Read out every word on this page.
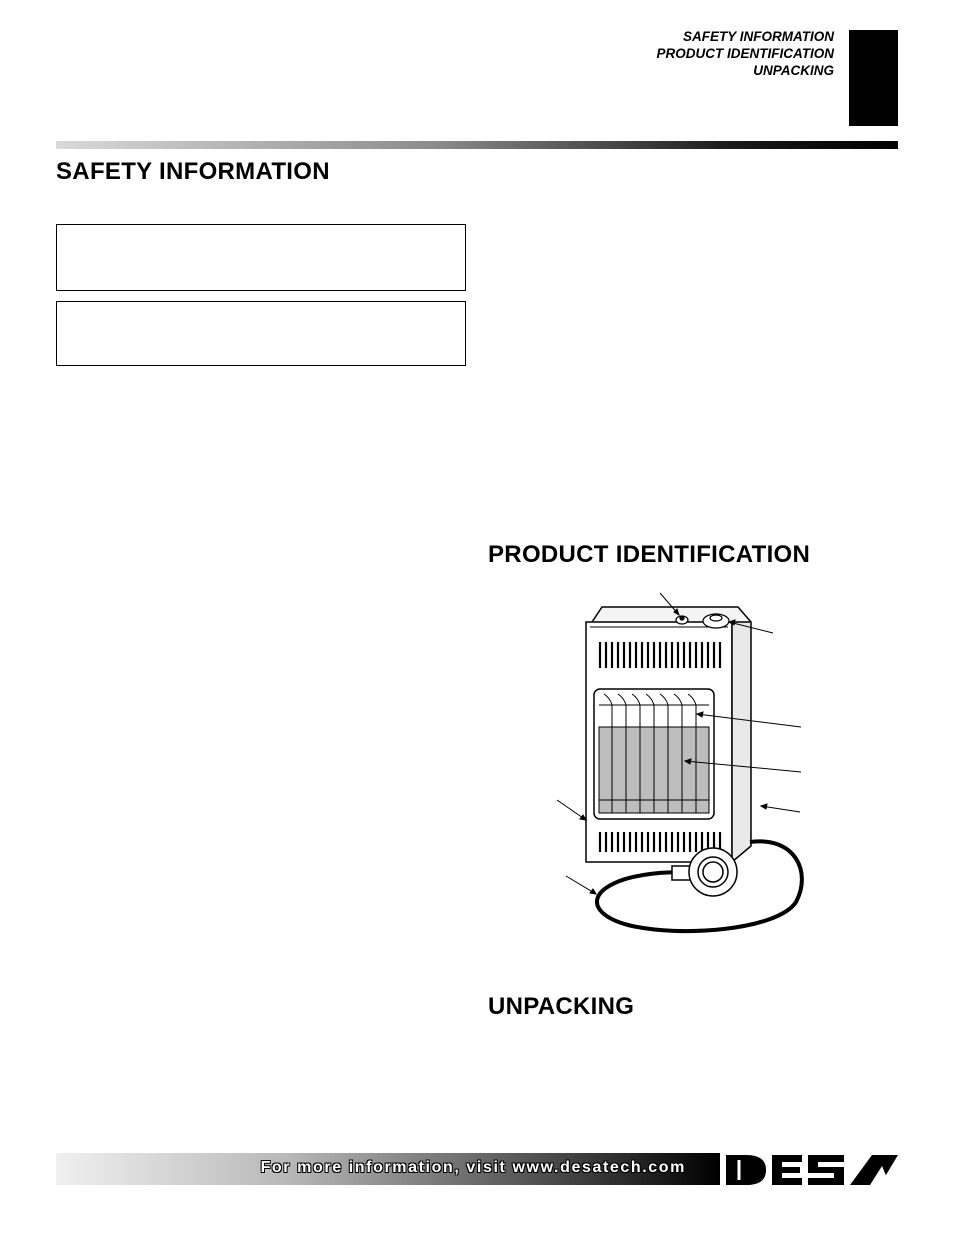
SAFETY INFORMATION
PRODUCT IDENTIFICATION
UNPACKING
SAFETY INFORMATION
PRODUCT IDENTIFICATION
UNPACKING
For more information, visit www.desatech.com
